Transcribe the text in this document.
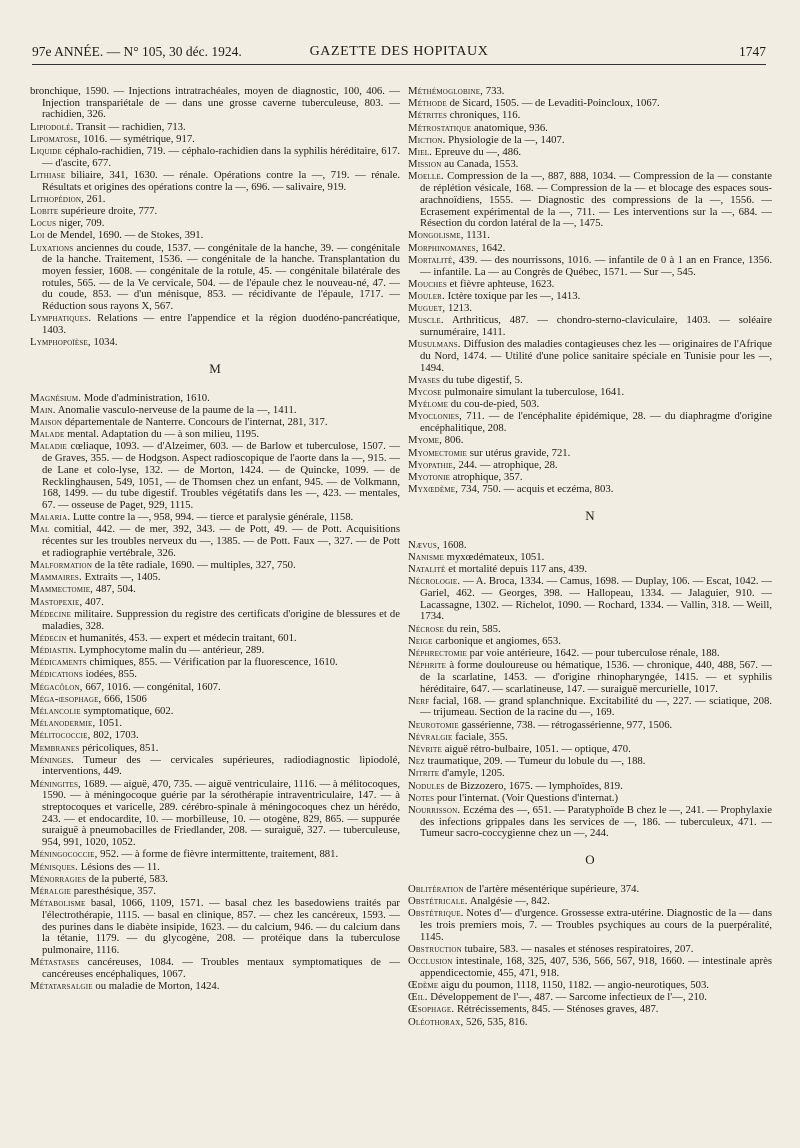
97e ANNÉE. — N° 105, 30 déc. 1924.	GAZETTE DES HOPITAUX	1747
bronchique, 1590. — Injections intratrachéales, moyen de diagnostic, 100, 406. — Injection transpariétale de — dans une grosse caverne tuberculeuse, 803. — rachidien, 326.
Lipiodolé. Transit — rachidien, 713.
Lipomatose, 1016. — symétrique, 917.
Liquide céphalo-rachidien, 719. — céphalo-rachidien dans la syphilis héréditaire, 617. — d'ascite, 677.
Lithiase biliaire, 341, 1630. — rénale. Opérations contre la —, 719. — rénale. Résultats et origines des opérations contre la —, 696. — salivaire, 919.
Lithopédion, 261.
Lobite supérieure droite, 777.
Locus niger, 709.
Loi de Mendel, 1690. — de Stokes, 391.
Luxations anciennes du coude, 1537. — congénitale de la hanche, 39. — congénitale de la hanche. Traitement, 1536. — congénitale de la hanche. Transplantation du moyen fessier, 1608. — congénitale de la rotule, 45. — congénitale bilatérale des rotules, 565. — de la Ve cervicale, 504. — de l'épaule chez le nouveau-né, 47. — du coude, 853. — d'un ménisque, 853. — récidivante de l'épaule, 1717. — Réduction sous rayons X, 567.
Lymphatiques. Relations — entre l'appendice et la région duodéno-pancréatique, 1403.
Lymphopoïèse, 1034.
M
Magnésium. Mode d'administration, 1610.
Main. Anomalie vasculo-nerveuse de la paume de la —, 1411.
Maison départementale de Nanterre. Concours de l'internat, 281, 317.
Malade mental. Adaptation du — à son milieu, 1195.
Maladie cœliaque, 1093. — d'Alzeimer, 603. — de Barlow et tuberculose, 1507. — de Graves, 355. — de Hodgson. Aspect radioscopique de l'aorte dans la —, 915. — de Lane et colo-lyse, 132. — de Morton, 1424. — de Quincke, 1099. — de Recklinghausen, 549, 1051, — de Thomsen chez un enfant, 945. — de Volkmann, 168, 1499. — du tube digestif. Troubles végétatifs dans les —, 423. — mentales, 67. — osseuse de Paget, 929, 1115.
Malaria. Lutte contre la —, 958, 994. — tierce et paralysie générale, 1158.
Mal comitial, 442. — de mer, 392, 343. — de Pott, 49. — de Pott. Acquisitions récentes sur les troubles nerveux du —, 1385. — de Pott. Faux —, 327. — de Pott et radiographie vertébrale, 326.
Malformation de la tête radiale, 1690. — multiples, 327, 750.
Mammaires. Extraits —, 1405.
Mammectomie, 487, 504.
Mastopexie, 407.
Médecine militaire. Suppression du registre des certificats d'origine de blessures et de maladies, 328.
Médecin et humanités, 453. — expert et médecin traitant, 601.
Médiastin. Lymphocytome malin du — antérieur, 289.
Médicaments chimiques, 855. — Vérification par la fluorescence, 1610.
Médications iodées, 855.
Mégacôlon, 667, 1016. — congénital, 1607.
Méga-œsophage, 666, 1506
Mélancolie symptomatique, 602.
Mélanodermie, 1051.
Mélitococcie, 802, 1703.
Membranes péricoliques, 851.
Méninges. Tumeur des — cervicales supérieures, radiodiagnostic lipiodolé, interventions, 449.
Méningites, 1689. — aiguë, 470, 735. — aiguë ventriculaire, 1116. — à mélitocoques, 1590. — à méningocoque guérie par la sérothérapie intraventriculaire, 147. — à streptocoques et varicelle, 289. cérébro-spinale à méningocoques chez un hérédo, 243. — et endocardite, 10. — morbilleuse, 10. — otogène, 829, 865. — suppurée suraiguë à pneumobacilles de Friedlander, 208. — suraiguë, 327. — tuberculeuse, 954, 991, 1020, 1052.
Méningococcie, 952. — à forme de fièvre intermittente, traitement, 881.
Ménisques. Lésions des — 11.
Ménorragies de la puberté, 583.
Méralgie paresthésique, 357.
Métabolisme basal, 1066, 1109, 1571. — basal chez les basedowiens traités par l'électrothérapie, 1115. — basal en clinique, 857. — chez les cancéreux, 1593. — des purines dans le diabète insipide, 1623. — du calcium, 946. — du calcium dans la tétanie, 1179. — du glycogène, 208. — protéique dans la tuberculose pulmonaire, 1116.
Métastases cancéreuses, 1084. — Troubles mentaux symptomatiques de — cancéreuses encéphaliques, 1067.
Métatarsalgie ou maladie de Morton, 1424.
Méthémoglobine, 733.
Méthode de Sicard, 1505. — de Levaditi-Poincloux, 1067.
Métrites chroniques, 116.
Métrostatique anatomique, 936.
Miction. Physiologie de la —, 1407.
Miel. Epreuve du —, 486.
Mission au Canada, 1553.
Moelle. Compression de la —, 887, 888, 1034. — Compression de la — constante de réplétion vésicale, 168. — Compression de la — et blocage des espaces sous-arachnoïdiens, 1555. — Diagnostic des compressions de la —, 1556. — Ecrasement expérimental de la —, 711. — Les interventions sur la —, 684. — Résection du cordon latéral de la —, 1475.
Mongolisme, 1131.
Morphinomanes, 1642.
Mortalité, 439. — des nourrissons, 1016. — infantile de 0 à 1 an en France, 1356. — infantile. La — au Congrès de Québec, 1571. — Sur —, 545.
Mouches et fièvre aphteuse, 1623.
Mouler. Ictère toxique par les —, 1413.
Muguet, 1213.
Muscle. Arthriticus, 487. — chondro-sterno-claviculaire, 1403. — soléaire surnuméraire, 1411.
Musulmans. Diffusion des maladies contagieuses chez les — originaires de l'Afrique du Nord, 1474. — Utilité d'une police sanitaire spéciale en Tunisie pour les —, 1494.
Myases du tube digestif, 5.
Mycose pulmonaire simulant la tuberculose, 1641.
Myélome du cou-de-pied, 503.
Myoclonies, 711. — de l'encéphalite épidémique, 28. — du diaphragme d'origine encéphalitique, 208.
Myome, 806.
Myomectomie sur utérus gravide, 721.
Myopathie, 244. — atrophique, 28.
Myotonie atrophique, 357.
Myxœdème, 734, 750. — acquis et eczéma, 803.
N
Nævus, 1608.
Nanisme myxœdémateux, 1051.
Natalité et mortalité depuis 117 ans, 439.
Nécrologie. — A. Broca, 1334. — Camus, 1698. — Duplay, 106. — Escat, 1042. — Gariel, 462. — Georges, 398. — Hallopeau, 1334. — Jalaguier, 910. — Lacassagne, 1302. — Richelot, 1090. — Rochard, 1334. — Vallin, 318. — Weill, 1734.
Nécrose du rein, 585.
Neige carbonique et angiomes, 653.
Néphrectomie par voie antérieure, 1642. — pour tuberculose rénale, 188.
Néphrite à forme douloureuse ou hématique, 1536. — chronique, 440, 488, 567. — de la scarlatine, 1453. — d'origine rhinopharyngée, 1415. — et syphilis héréditaire, 647. — scarlatineuse, 147. — suraiguë mercurielle, 1017.
Nerf facial, 168. — grand splanchnique. Excitabilité du —, 227. — sciatique, 208. — trijumeau. Section de la racine du —, 169.
Neurotomie gassérienne, 738. — rétrogassérienne, 977, 1506.
Névralgie faciale, 355.
Névrite aiguë rétro-bulbaire, 1051. — optique, 470.
Nez traumatique, 209. — Tumeur du lobule du —, 188.
Nitrite d'amyle, 1205.
Nodules de Bizzozero, 1675. — lymphoïdes, 819.
Notes pour l'internat. (Voir Questions d'internat.)
Nourrisson. Eczéma des —, 651. — Paratyphoïde B chez le —, 241. — Prophylaxie des infections grippales dans les services de —, 186. — tuberculeux, 471. — Tumeur sacro-coccygienne chez un —, 244.
O
Oblitération de l'artère mésentérique supérieure, 374.
Obstétricale. Analgésie —, 842.
Obstétrique. Notes d'— d'urgence. Grossesse extra-utérine. Diagnostic de la — dans les trois premiers mois, 7. — Troubles psychiques au cours de la puerpéralité, 1145.
Obstruction tubaire, 583. — nasales et sténoses respiratoires, 207.
Occlusion intestinale, 168, 325, 407, 536, 566, 567, 918, 1660. — intestinale après appendicectomie, 455, 471, 918.
Œdème aigu du poumon, 1118, 1150, 1182. — angio-neurotiques, 503.
Œil. Développement de l'—, 487. — Sarcome infectieux de l'—, 210.
Œsophage. Rétrécissements, 845. — Sténoses graves, 487.
Oléothorax, 526, 535, 816.
